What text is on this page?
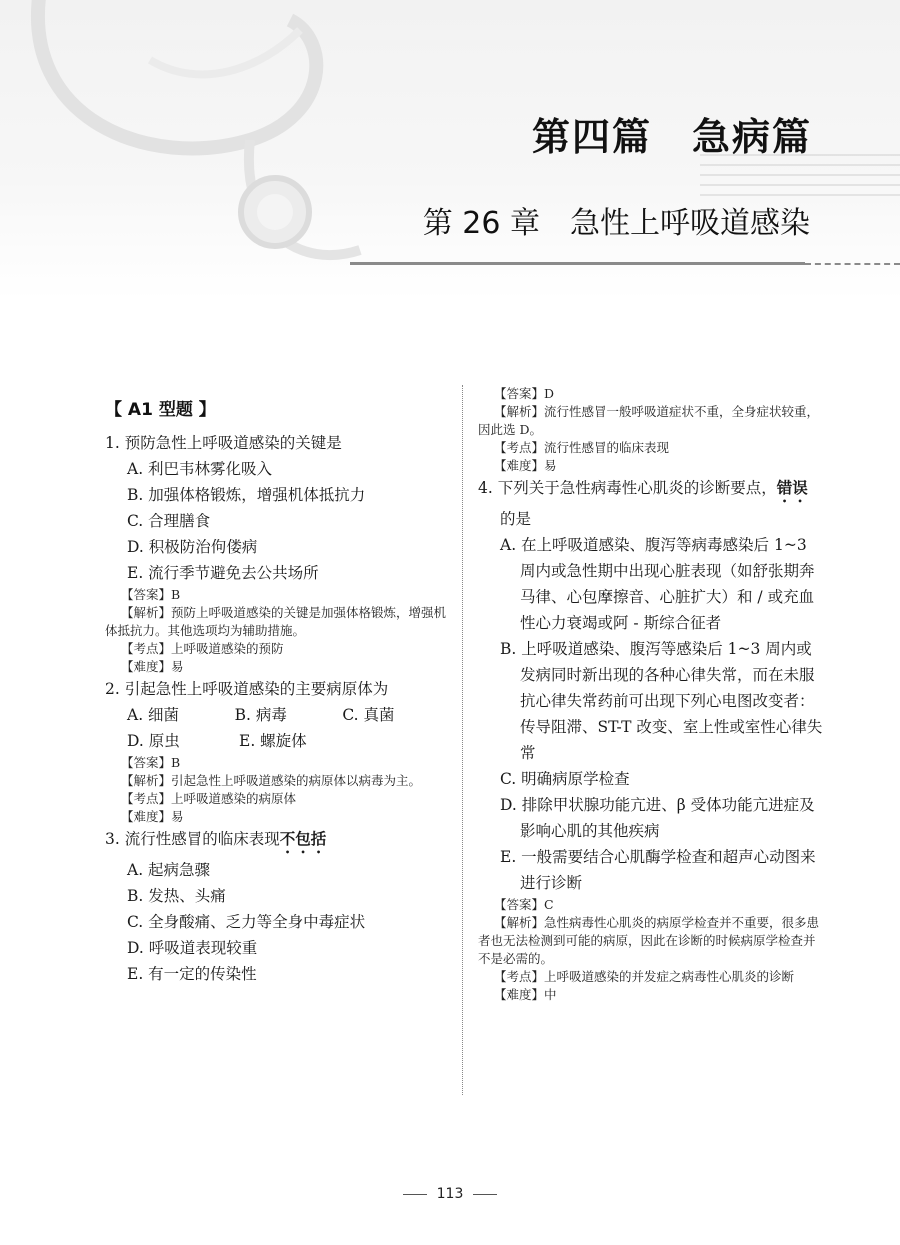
第四篇　急病篇
第 26 章　急性上呼吸道感染
【 A1 型题 】
1. 预防急性上呼吸道感染的关键是
A. 利巴韦林雾化吸入
B. 加强体格锻炼，增强机体抵抗力
C. 合理膳食
D. 积极防治佝偻病
E. 流行季节避免去公共场所
【答案】B
【解析】预防上呼吸道感染的关键是加强体格锻炼，增强机体抵抗力。其他选项均为辅助措施。
【考点】上呼吸道感染的预防
【难度】易
2. 引起急性上呼吸道感染的主要病原体为
A. 细菌	B. 病毒	C. 真菌
D. 原虫	E. 螺旋体
【答案】B
【解析】引起急性上呼吸道感染的病原体以病毒为主。
【考点】上呼吸道感染的病原体
【难度】易
3. 流行性感冒的临床表现不包括
A. 起病急骤
B. 发热、头痛
C. 全身酸痛、乏力等全身中毒症状
D. 呼吸道表现较重
E. 有一定的传染性
【答案】D
【解析】流行性感冒一般呼吸道症状不重，全身症状较重，因此选 D。
【考点】流行性感冒的临床表现
【难度】易
4. 下列关于急性病毒性心肌炎的诊断要点，错误的是
A. 在上呼吸道感染、腹泻等病毒感染后 1~3 周内或急性期中出现心脏表现（如舒张期奔马律、心包摩擦音、心脏扩大）和 / 或充血性心力衰竭或阿 - 斯综合征者
B. 上呼吸道感染、腹泻等感染后 1~3 周内或发病同时新出现的各种心律失常，而在未服抗心律失常药前可出现下列心电图改变者：传导阻滞、ST-T 改变、室上性或室性心律失常
C. 明确病原学检查
D. 排除甲状腺功能亢进、β 受体功能亢进症及影响心肌的其他疾病
E. 一般需要结合心肌酶学检查和超声心动图来进行诊断
【答案】C
【解析】急性病毒性心肌炎的病原学检查并不重要，很多患者也无法检测到可能的病原，因此在诊断的时候病原学检查并不是必需的。
【考点】上呼吸道感染的并发症之病毒性心肌炎的诊断
【难度】中
113
